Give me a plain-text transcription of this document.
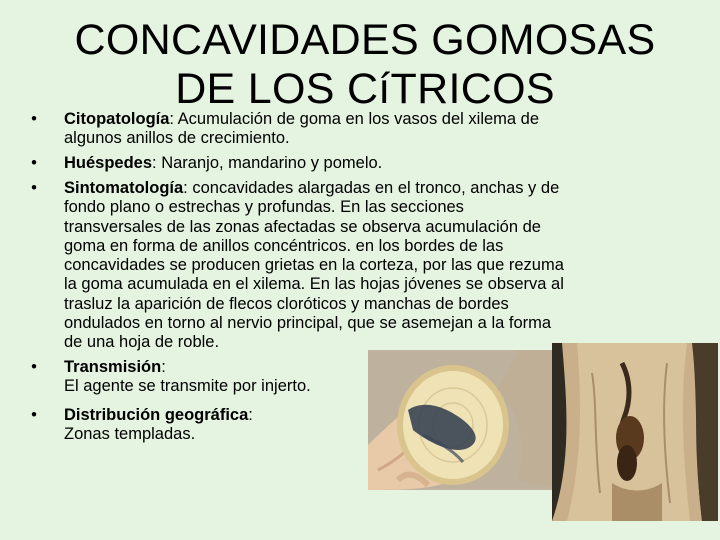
CONCAVIDADES GOMOSAS
DE LOS CíTRICOS
• Citopatología: Acumulación de goma en los vasos del xilema de
algunos anillos de crecimiento.
• Huéspedes: Naranjo, mandarino y pomelo.
• Sintomatología: concavidades alargadas en el tronco, anchas y de
fondo plano o estrechas y profundas. En las secciones
transversales de las zonas afectadas se observa acumulación de
goma en forma de anillos concéntricos. en los bordes de las
concavidades se producen grietas en la corteza, por las que rezuma
la goma acumulada en el xilema. En las hojas jóvenes se observa al
trasluz la aparición de flecos cloróticos y manchas de bordes
ondulados en torno al nervio principal, que se asemejan a la forma
de una hoja de roble.
• Transmisión:
El agente se transmite por injerto.
• Distribución geográfica:
Zonas templadas.
